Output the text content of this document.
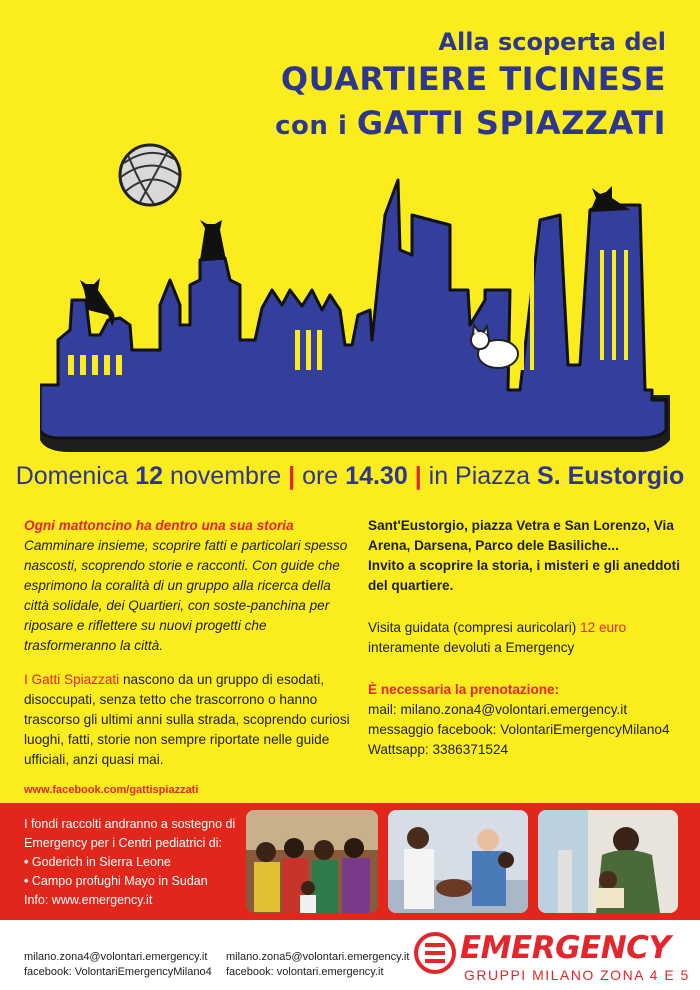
Alla scoperta del
QUARTIERE TICINESE
con i GATTI SPIAZZATI
Domenica 12 novembre | ore 14.30 | in Piazza S. Eustorgio
Ogni mattoncino ha dentro una sua storia
Camminare insieme, scoprire fatti e particolari spesso nascosti, scoprendo storie e racconti. Con guide che esprimono la coralità di un gruppo alla ricerca della città solidale, dei Quartieri, con soste-panchina per riposare e riflettere su nuovi progetti che trasformeranno la città.
I Gatti Spiazzati nascono da un gruppo di esodati, disoccupati, senza tetto che trascorrono o hanno trascorso gli ultimi anni sulla strada, scoprendo curiosi luoghi, fatti, storie non sempre riportate nelle guide ufficiali, anzi quasi mai.
www.facebook.com/gattispiazzati
Sant'Eustorgio, piazza Vetra e San Lorenzo, Via Arena, Darsena, Parco dele Basiliche...
Invito a scoprire la storia, i misteri e gli aneddoti del quartiere.
Visita guidata (compresi auricolari) 12 euro
interamente devoluti a Emergency
È necessaria la prenotazione:
mail: milano.zona4@volontari.emergency.it
messaggio facebook: VolontariEmergencyMilano4
Wattsapp: 3386371524
I fondi raccolti andranno a sostegno di Emergency per i Centri pediatrici di:
• Goderich in Sierra Leone
• Campo profughi Mayo in Sudan
Info: www.emergency.it
milano.zona4@volontari.emergency.it
facebook: VolontariEmergencyMilano4
milano.zona5@volontari.emergency.it
facebook: volontari.emergency.it
EMERGENCY
GRUPPI MILANO ZONA 4 E 5
